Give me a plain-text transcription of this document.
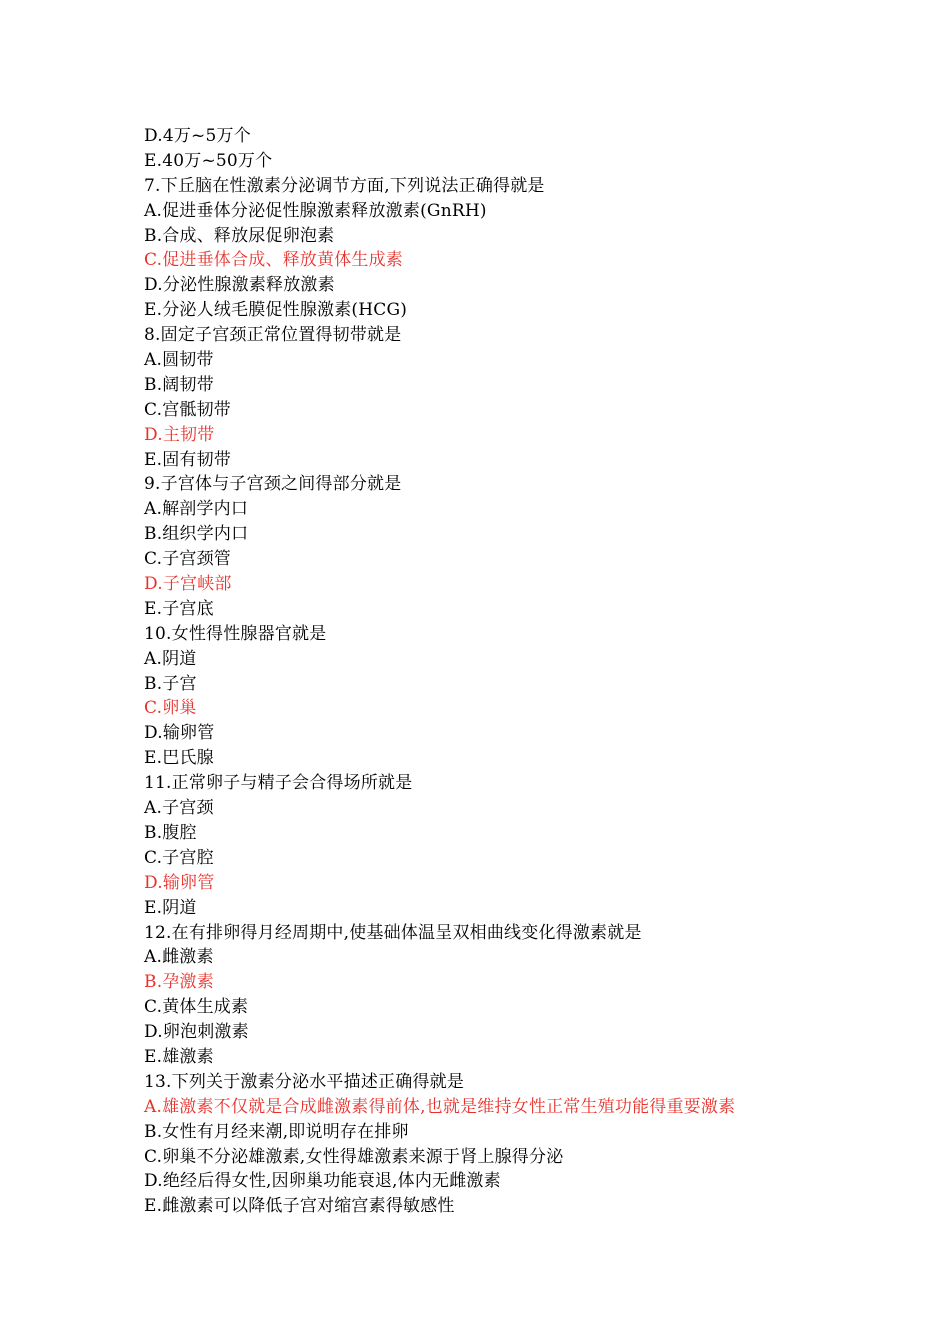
D.4万~5万个
E.40万~50万个
7.下丘脑在性激素分泌调节方面,下列说法正确得就是
A.促进垂体分泌促性腺激素释放激素(GnRH)
B.合成、释放尿促卵泡素
C.促进垂体合成、释放黄体生成素
D.分泌性腺激素释放激素
E.分泌人绒毛膜促性腺激素(HCG)
8.固定子宫颈正常位置得韧带就是
A.圆韧带
B.阔韧带
C.宫骶韧带
D.主韧带
E.固有韧带
9.子宫体与子宫颈之间得部分就是
A.解剖学内口
B.组织学内口
C.子宫颈管
D.子宫峡部
E.子宫底
10.女性得性腺器官就是
A.阴道
B.子宫
C.卵巢
D.输卵管
E.巴氏腺
11.正常卵子与精子会合得场所就是
A.子宫颈
B.腹腔
C.子宫腔
D.输卵管
E.阴道
12.在有排卵得月经周期中,使基础体温呈双相曲线变化得激素就是
A.雌激素
B.孕激素
C.黄体生成素
D.卵泡刺激素
E.雄激素
13.下列关于激素分泌水平描述正确得就是
A.雄激素不仅就是合成雌激素得前体,也就是维持女性正常生殖功能得重要激素
B.女性有月经来潮,即说明存在排卵
C.卵巢不分泌雄激素,女性得雄激素来源于肾上腺得分泌
D.绝经后得女性,因卵巢功能衰退,体内无雌激素
E.雌激素可以降低子宫对缩宫素得敏感性
